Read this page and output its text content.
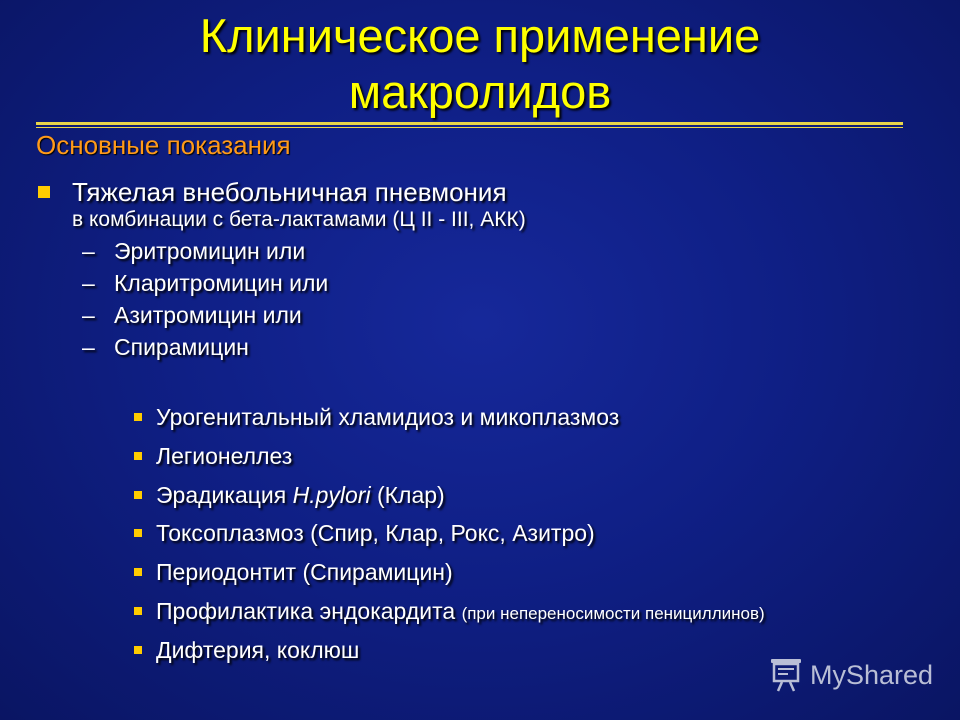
Клиническое применение
макролидов
Основные показания
Тяжелая внебольничная пневмония
в комбинации с бета-лактамами (Ц II - III, АКК)
– Эритромицин или
– Кларитромицин или
– Азитромицин или
– Спирамицин
Урогенитальный хламидиоз и микоплазмоз
Легионеллез
Эрадикация H.pylori (Клар)
Токсоплазмоз (Спир, Клар, Рокс, Азитро)
Периодонтит (Спирамицин)
Профилактика эндокардита (при непереносимости пенициллинов)
Дифтерия, коклюш
MyShared
